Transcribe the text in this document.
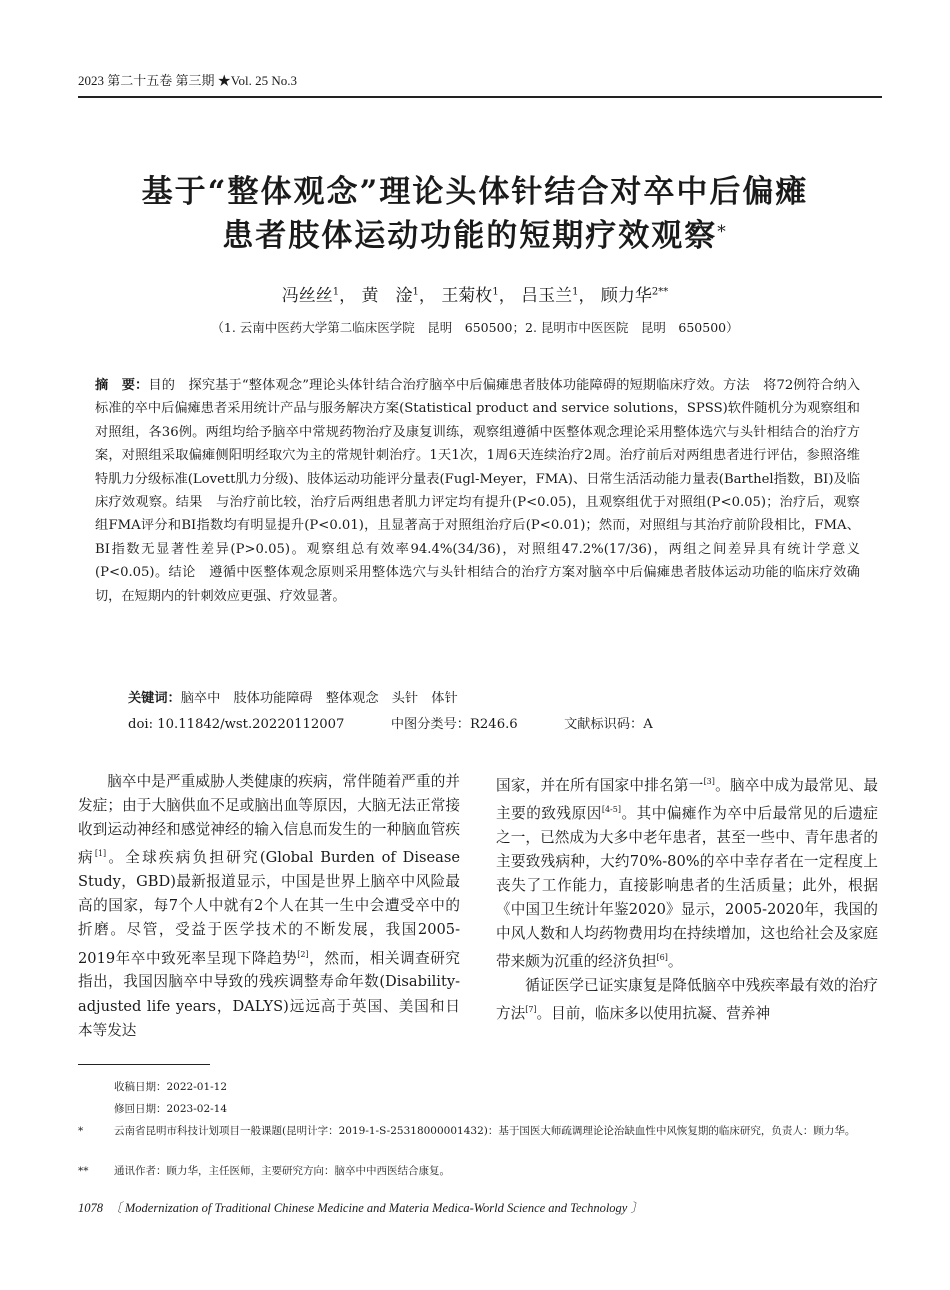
2023 第二十五卷 第三期 ★Vol. 25 No.3
基于“整体观念”理论头体针结合对卒中后偏瘫
患者肢体运动功能的短期疗效观察*
冯丝丝$^1$， 黄　淦$^1$， 王菊枚$^1$， 吕玉兰$^1$， 顾力华$^{2**}$
（1. 云南中医药大学第二临床医学院　昆明　650500；2. 昆明市中医医院　昆明　650500）
摘　要：目的　探究基于“整体观念”理论头体针结合治疗脑卒中后偏瘫患者肢体功能障碍的短期临床疗效。方法　将72例符合纳入标准的卒中后偏瘫患者采用统计产品与服务解决方案(Statistical product and service solutions，SPSS)软件随机分为观察组和对照组，各36例。两组均给予脑卒中常规药物治疗及康复训练，观察组遵循中医整体观念理论采用整体选穴与头针相结合的治疗方案，对照组采取偏瘫侧阳明经取穴为主的常规针刺治疗。1天1次，1周6天连续治疗2周。治疗前后对两组患者进行评估，参照洛维特肌力分级标准(Lovett肌力分级)、肢体运动功能评分量表(Fugl-Meyer，FMA)、日常生活活动能力量表(Barthel指数，BI)及临床疗效观察。结果　与治疗前比较，治疗后两组患者肌力评定均有提升(P<0.05)，且观察组优于对照组(P<0.05)；治疗后，观察组FMA评分和BI指数均有明显提升(P<0.01)，且显著高于对照组治疗后(P<0.01)；然而，对照组与其治疗前阶段相比，FMA、BI指数无显著性差异(P>0.05)。观察组总有效率94.4%(34/36)，对照组47.2%(17/36)，两组之间差异具有统计学意义(P<0.05)。结论　遵循中医整体观念原则采用整体选穴与头针相结合的治疗方案对脑卒中后偏瘫患者肢体运动功能的临床疗效确切，在短期内的针刺效应更强、疗效显著。
关键词：脑卒中　肢体功能障碍　整体观念　头针　体针
doi: 10.11842/wst.20220112007	中图分类号：R246.6	文献标识码：A

脑卒中是严重威胁人类健康的疾病，常伴随着严重的并发症；由于大脑供血不足或脑出血等原因，大脑无法正常接收到运动神经和感觉神经的输入信息而发生的一种脑血管疾病[1]。全球疾病负担研究(Global Burden of Disease Study，GBD)最新报道显示，中国是世界上脑卒中风险最高的国家，每7个人中就有2个人在其一生中会遭受卒中的折磨。尽管，受益于医学技术的不断发展，我国2005-2019年卒中致死率呈现下降趋势[2]，然而，相关调查研究指出，我国因脑卒中导致的残疾调整寿命年数(Disability-adjusted life years，DALYS)远远高于英国、美国和日本等发达

国家，并在所有国家中排名第一[3]。脑卒中成为最常见、最主要的致残原因[4-5]。其中偏瘫作为卒中后最常见的后遗症之一，已然成为大多中老年患者，甚至一些中、青年患者的主要致残病种，大约70%-80%的卒中幸存者在一定程度上丧失了工作能力，直接影响患者的生活质量；此外，根据《中国卫生统计年鉴2020》显示，2005-2020年，我国的中风人数和人均药物费用均在持续增加，这也给社会及家庭带来颇为沉重的经济负担[6]。

循证医学已证实康复是降低脑卒中残疾率最有效的治疗方法[7]。目前，临床多以使用抗凝、营养神

收稿日期：2022-01-12
修回日期：2023-02-14
*	云南省昆明市科技计划项目一般课题(昆明计字：2019-1-S-25318000001432)：基于国医大师疏调理论论治缺血性中风恢复期的临床研究，负责人：顾力华。
** 通讯作者：顾力华，主任医师，主要研究方向：脑卒中中西医结合康复。
1078　〔 Modernization of Traditional Chinese Medicine and Materia Medica-World Science and Technology 〕
